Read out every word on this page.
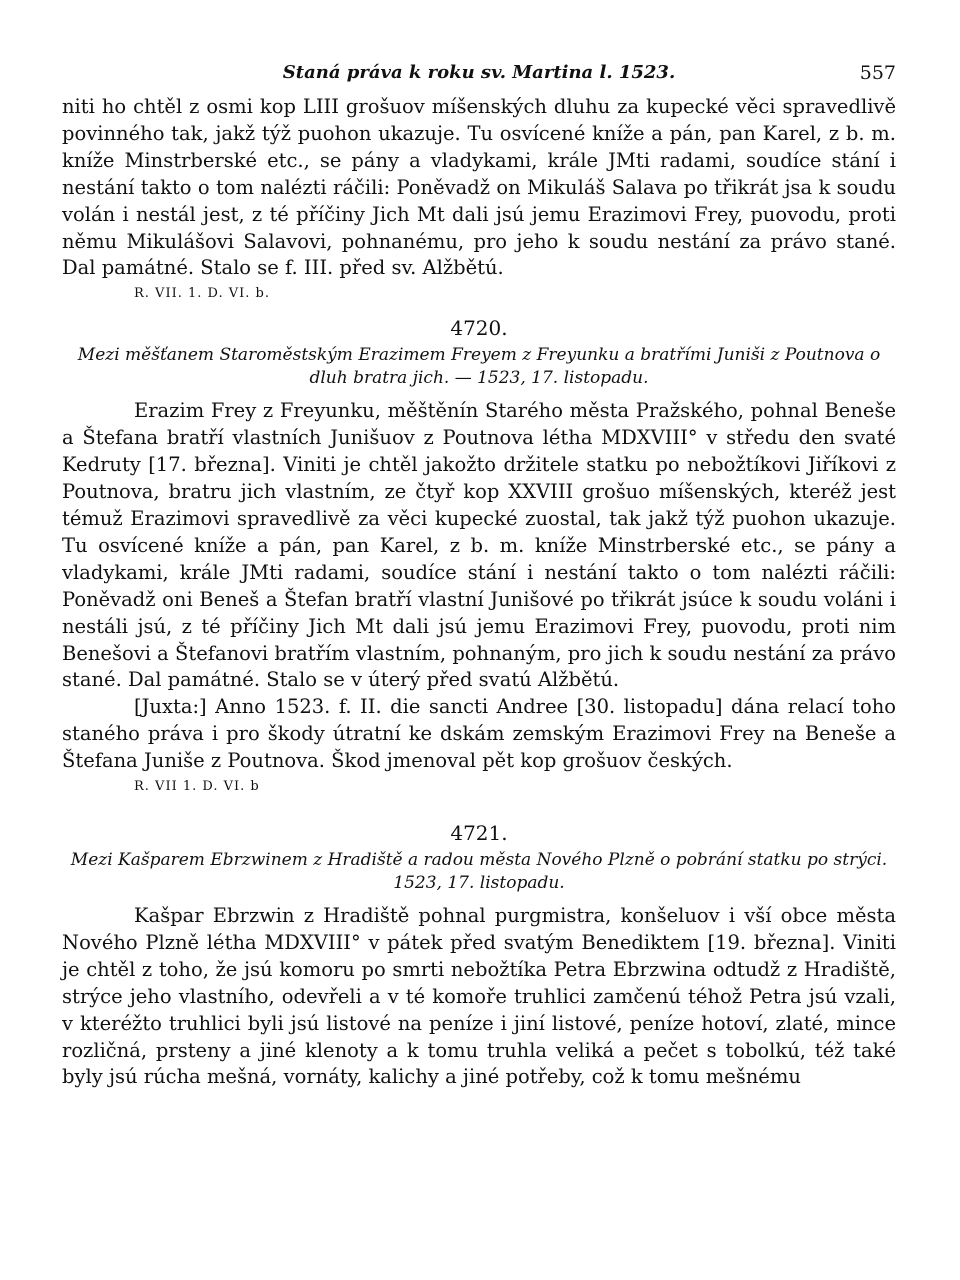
Staná práva k roku sv. Martina l. 1523.	557

niti ho chtěl z osmi kop LIII grošuov míšenských dluhu za kupecké věci spravedlivě povinného tak, jakž týž puohon ukazuje. Tu osvícené kníže a pán, pan Karel, z b. m. kníže Minstrberské etc., se pány a vladykami, krále JMti radami, soudíce stání i nestání takto o tom nalézti ráčili: Poněvadž on Mikuláš Salava po třikrát jsa k soudu volán i nestál jest, z té příčiny Jich Mt dali jsú jemu Erazimovi Frey, puovodu, proti němu Mikulášovi Salavovi, pohnanému, pro jeho k soudu nestání za právo stané. Dal památné. Stalo se f. III. před sv. Alžbětú.

R. VII. 1. D. VI. b.
4720.
Mezi měšťanem Staroměstským Erazimem Freyem z Freyunku a bratřími Juniši z Poutnova o dluh bratra jich. — 1523, 17. listopadu.

Erazim Frey z Freyunku, měštěnín Starého města Pražského, pohnal Beneše a Štefana bratří vlastních Junišuov z Poutnova létha MDXVIII° v středu den svaté Kedruty [17. března]. Viniti je chtěl jakožto držitele statku po nebožtíkovi Jiříkovi z Poutnova, bratru jich vlastním, ze čtyř kop XXVIII grošuo míšenských, kteréž jest témuž Erazimovi spravedlivě za věci kupecké zuostal, tak jakž týž puohon ukazuje. Tu osvícené kníže a pán, pan Karel, z b. m. kníže Minstrberské etc., se pány a vladykami, krále JMti radami, soudíce stání i nestání takto o tom nalézti ráčili: Poněvadž oni Beneš a Štefan bratří vlastní Junišové po třikrát jsúce k soudu voláni i nestáli jsú, z té příčiny Jich Mt dali jsú jemu Erazimovi Frey, puovodu, proti nim Benešovi a Štefanovi bratřím vlastním, pohnaným, pro jich k soudu nestání za právo stané. Dal památné. Stalo se v úterý před svatú Alžbětú.

[Juxta:] Anno 1523. f. II. die sancti Andree [30. listopadu] dána relací toho staného práva i pro škody útratní ke dskám zemským Erazimovi Frey na Beneše a Štefana Juniše z Poutnova. Škod jmenoval pět kop grošuov českých.

R. VII 1. D. VI. b
4721.
Mezi Kašparem Ebrzwinem z Hradiště a radou města Nového Plzně o pobrání statku po strýci. 1523, 17. listopadu.

Kašpar Ebrzwin z Hradiště pohnal purgmistra, konšeluov i vší obce města Nového Plzně létha MDXVIII° v pátek před svatým Benediktem [19. března]. Viniti je chtěl z toho, že jsú komoru po smrti nebožtíka Petra Ebrzwina odtudž z Hradiště, strýce jeho vlastního, odevřeli a v té komoře truhlici zamčenú téhož Petra jsú vzali, v kteréžto truhlici byli jsú listové na peníze i jiní listové, peníze hotoví, zlaté, mince rozličná, prsteny a jiné klenoty a k tomu truhla veliká a pečet s tobolkú, též také byly jsú rúcha mešná, vornáty, kalichy a jiné potřeby, což k tomu mešnému
